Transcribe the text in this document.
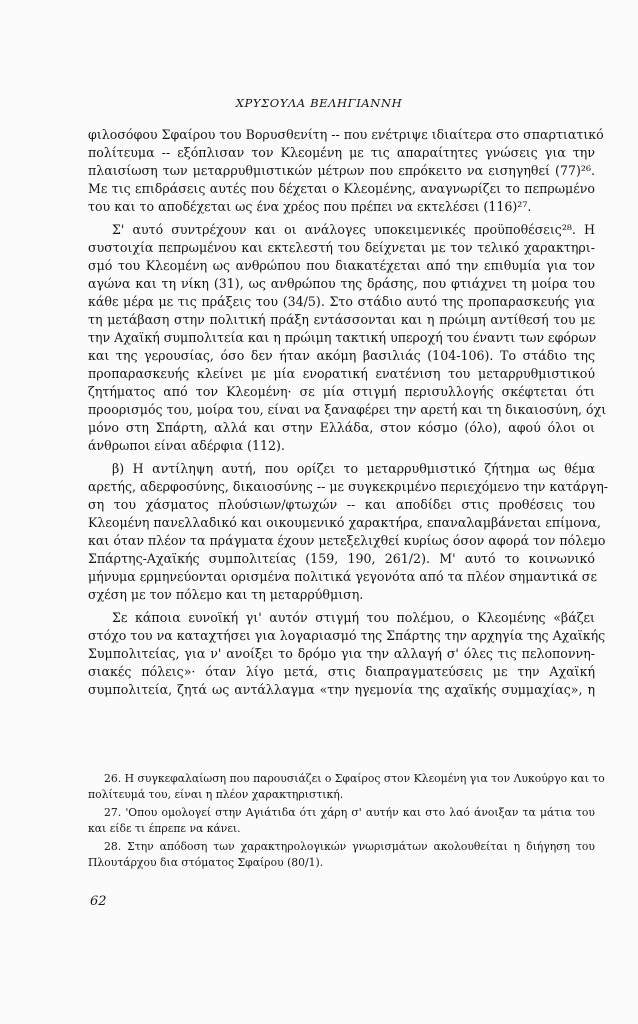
ΧΡΥΣΟΥΛΑ ΒΕΛΗΓΙΑΝΝΗ
φιλοσόφου Σφαίρου του Βορυσθενίτη -- που ενέτριψε ιδιαίτερα στο σπαρτιατικό
πολίτευμα -- εξόπλισαν τον Κλεομένη με τις απαραίτητες γνώσεις για την
πλαισίωση των μεταρρυθμιστικών μέτρων που επρόκειτο να εισηγηθεί (77)²⁶.
Με τις επιδράσεις αυτές που δέχεται ο Κλεομένης, αναγνωρίζει το πεπρωμένο
του και το αποδέχεται ως ένα χρέος που πρέπει να εκτελέσει (116)²⁷.
Σ' αυτό συντρέχουν και οι ανάλογες υποκειμενικές προϋποθέσεις²⁸. Η
συστοιχία πεπρωμένου και εκτελεστή του δείχνεται με τον τελικό χαρακτηρι-
σμό του Κλεομένη ως ανθρώπου που διακατέχεται από την επιθυμία για τον
αγώνα και τη νίκη (31), ως ανθρώπου της δράσης, που φτιάχνει τη μοίρα του
κάθε μέρα με τις πράξεις του (34/5). Στο στάδιο αυτό της προπαρασκευής για
τη μετάβαση στην πολιτική πράξη εντάσσονται και η πρώιμη αντίθεσή του με
την Αχαϊκή συμπολιτεία και η πρώιμη τακτική υπεροχή του έναντι των εφόρων
και της γερουσίας, όσο δεν ήταν ακόμη βασιλιάς (104-106). Το στάδιο της
προπαρασκευής κλείνει με μία ενορατική ενατένιση του μεταρρυθμιστικού
ζητήματος από τον Κλεομένη· σε μία στιγμή περισυλλογής σκέφτεται ότι
προορισμός του, μοίρα του, είναι να ξαναφέρει την αρετή και τη δικαιοσύνη, όχι
μόνο στη Σπάρτη, αλλά και στην Ελλάδα, στον κόσμο (όλο), αφού όλοι οι
άνθρωποι είναι αδέρφια (112).
β) Η αντίληψη αυτή, που ορίζει το μεταρρυθμιστικό ζήτημα ως θέμα
αρετής, αδερφοσύνης, δικαιοσύνης -- με συγκεκριμένο περιεχόμενο την κατάργη-
ση του χάσματος πλούσιων/φτωχών -- και αποδίδει στις προθέσεις του
Κλεομένη πανελλαδικό και οικουμενικό χαρακτήρα, επαναλαμβάνεται επίμονα,
και όταν πλέον τα πράγματα έχουν μετεξελιχθεί κυρίως όσον αφορά τον πόλεμο
Σπάρτης-Αχαϊκής συμπολιτείας (159, 190, 261/2). Μ' αυτό το κοινωνικό
μήνυμα ερμηνεύονται ορισμένα πολιτικά γεγονότα από τα πλέον σημαντικά σε
σχέση με τον πόλεμο και τη μεταρρύθμιση.
Σε κάποια ευνοϊκή γι' αυτόν στιγμή του πολέμου, ο Κλεομένης «βάζει
στόχο του να καταχτήσει για λογαριασμό της Σπάρτης την αρχηγία της Αχαϊκής
Συμπολιτείας, για ν' ανοίξει το δρόμο για την αλλαγή σ' όλες τις πελοποννη-
σιακές πόλεις»· όταν λίγο μετά, στις διαπραγματεύσεις με την Αχαϊκή
συμπολιτεία, ζητά ως αντάλλαγμα «την ηγεμονία της αχαϊκής συμμαχίας», η
26. Η συγκεφαλαίωση που παρουσιάζει ο Σφαίρος στον Κλεομένη για τον Λυκούργο και το
πολίτευμά του, είναι η πλέον χαρακτηριστική.
27. 'Οπου ομολογεί στην Αγιάτιδα ότι χάρη σ' αυτήν και στο λαό άνοιξαν τα μάτια του
και είδε τι έπρεπε να κάνει.
28. Στην απόδοση των χαρακτηρολογικών γνωρισμάτων ακολουθείται η διήγηση του
Πλουτάρχου δια στόματος Σφαίρου (80/1).
62
